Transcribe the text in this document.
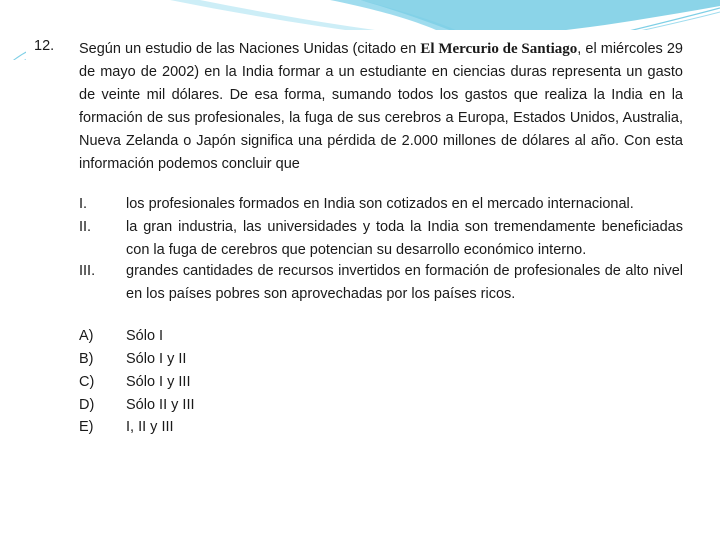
12. Según un estudio de las Naciones Unidas (citado en El Mercurio de Santiago, el miércoles 29 de mayo de 2002) en la India formar a un estudiante en ciencias duras representa un gasto de veinte mil dólares. De esa forma, sumando todos los gastos que realiza la India en la formación de sus profesionales, la fuga de sus cerebros a Europa, Estados Unidos, Australia, Nueva Zelanda o Japón significa una pérdida de 2.000 millones de dólares al año. Con esta información podemos concluir que
I.	los profesionales formados en India son cotizados en el mercado internacional.
II. la gran industria, las universidades y toda la India son tremendamente beneficiadas con la fuga de cerebros que potencian su desarrollo económico interno.
III. grandes cantidades de recursos invertidos en formación de profesionales de alto nivel en los países pobres son aprovechadas por los países ricos.
A) Sólo I
B) Sólo I y II
C) Sólo I y III
D) Sólo II y III
E) I, II y III
